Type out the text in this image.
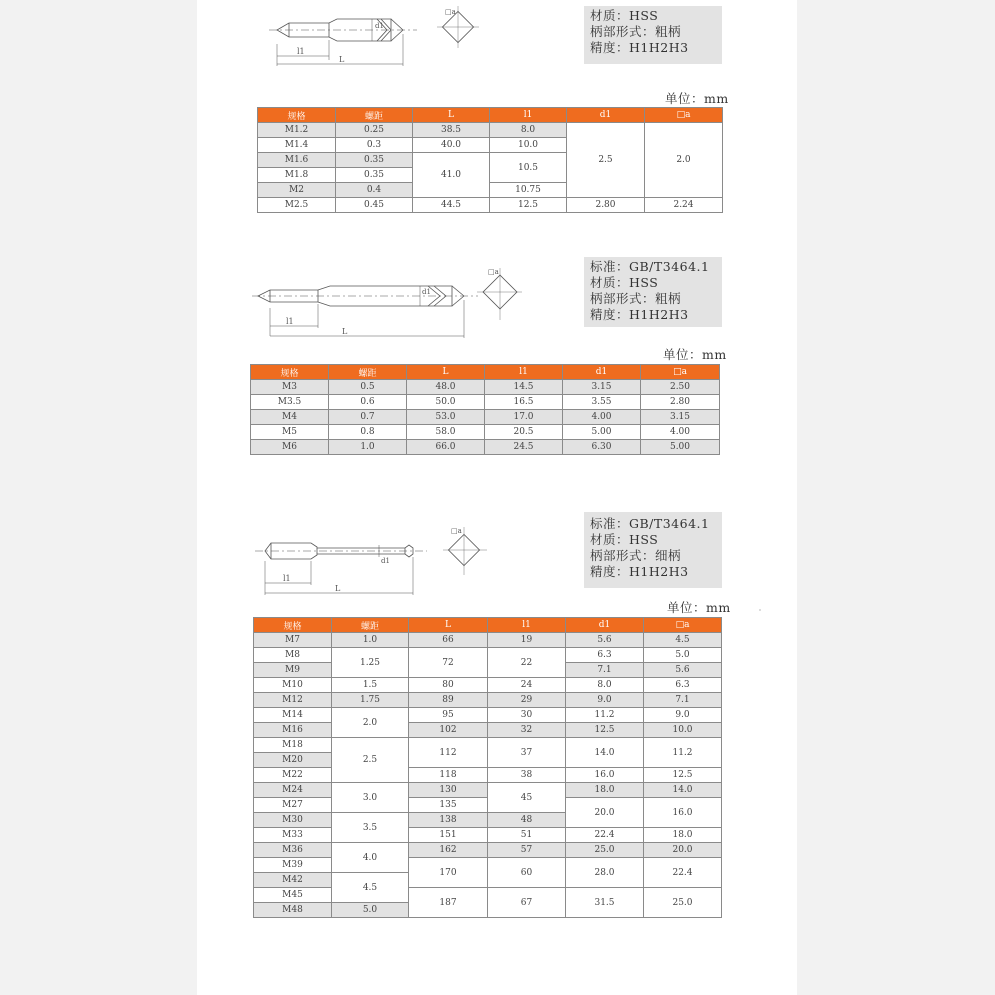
l1
L
d1
□a	材质：HSS
柄部形式：粗柄
精度：H1H2H3
单位：mm
规格	螺距	L	l1	d1	□a
M1.2	0.25	38.5	8.0	2.5	2.0
M1.4	0.3	40.0	10.0		
M1.6	0.35	41.0	10.5		
M1.8	0.35				
M2	0.4		10.75		
M2.5	0.45	44.5	12.5	2.80	2.24
l1
L
d1
□a	标准：GB/T3464.1
材质：HSS
柄部形式：粗柄
精度：H1H2H3
单位：mm
规格	螺距	L	l1	d1	□a
M3	0.5	48.0	14.5	3.15	2.50
M3.5	0.6	50.0	16.5	3.55	2.80
M4	0.7	53.0	17.0	4.00	3.15
M5	0.8	58.0	20.5	5.00	4.00
M6	1.0	66.0	24.5	6.30	5.00
l1
L
d1
□a	标准：GB/T3464.1
材质：HSS
柄部形式：细柄
精度：H1H2H3
单位：mm
规格	螺距	L	l1	d1	□a
M7	1.0	66	19	5.6	4.5
M8	1.25	72	22	6.3	5.0
M9				7.1	5.6
M10	1.5	80	24	8.0	6.3
M12	1.75	89	29	9.0	7.1
M14	2.0	95	30	11.2	9.0
M16		102	32	12.5	10.0
M18	2.5	112	37	14.0	11.2
M20					
M22		118	38	16.0	12.5
M24	3.0	130	45	18.0	14.0
M27		135		20.0	16.0
M30	3.5	138	48		
M33		151	51	22.4	18.0
M36	4.0	162	57	25.0	20.0
M39		170	60	28.0	22.4
M42	4.5				
M45		187	67	31.5	25.0
M48	5.0				
